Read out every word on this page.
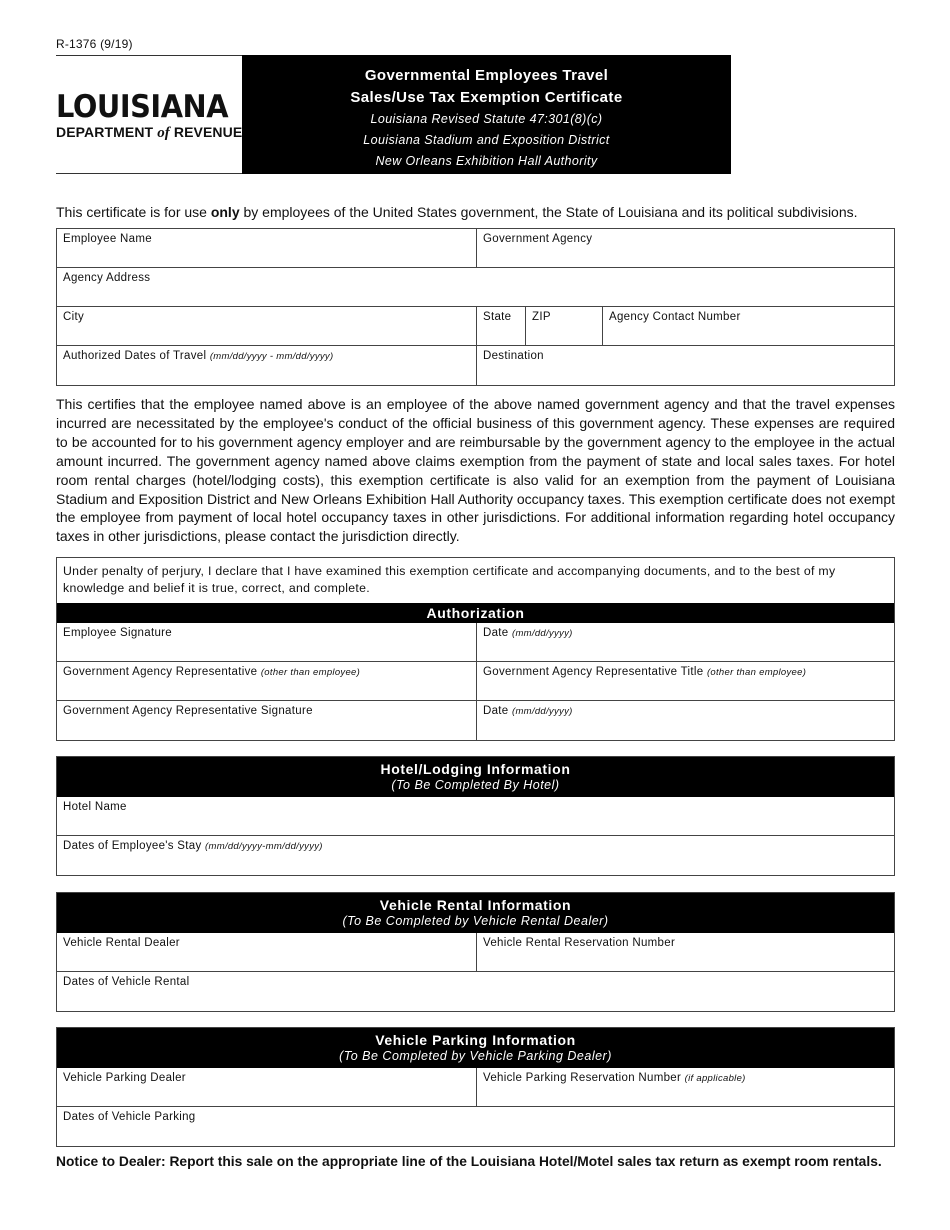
R-1376 (9/19)
LOUISIANA
DEPARTMENT of REVENUE
Governmental Employees Travel
Sales/Use Tax Exemption Certificate
Louisiana Revised Statute 47:301(8)(c)
Louisiana Stadium and Exposition District
New Orleans Exhibition Hall Authority
This certificate is for use only by employees of the United States government, the State of Louisiana and its political subdivisions.
Employee Name	Government Agency
Agency Address
City	State	ZIP	Agency Contact Number
Authorized Dates of Travel (mm/dd/yyyy - mm/dd/yyyy)	Destination
This certifies that the employee named above is an employee of the above named government agency and that the travel expenses incurred are necessitated by the employee's conduct of the official business of this government agency. These expenses are required to be accounted for to his government agency employer and are reimbursable by the government agency to the employee in the actual amount incurred. The government agency named above claims exemption from the payment of state and local sales taxes. For hotel room rental charges (hotel/lodging costs), this exemption certificate is also valid for an exemption from the payment of Louisiana Stadium and Exposition District and New Orleans Exhibition Hall Authority occupancy taxes. This exemption certificate does not exempt the employee from payment of local hotel occupancy taxes in other jurisdictions. For additional information regarding hotel occupancy taxes in other jurisdictions, please contact the jurisdiction directly.
Under penalty of perjury, I declare that I have examined this exemption certificate and accompanying documents, and to the best of my knowledge and belief it is true, correct, and complete.
Authorization
Employee Signature	Date (mm/dd/yyyy)
Government Agency Representative (other than employee)	Government Agency Representative Title (other than employee)
Government Agency Representative Signature	Date (mm/dd/yyyy)
Hotel/Lodging Information
(To Be Completed By Hotel)
Hotel Name
Dates of Employee's Stay (mm/dd/yyyy-mm/dd/yyyy)
Vehicle Rental Information
(To Be Completed by Vehicle Rental Dealer)
Vehicle Rental Dealer	Vehicle Rental Reservation Number
Dates of Vehicle Rental
Vehicle Parking Information
(To Be Completed by Vehicle Parking Dealer)
Vehicle Parking Dealer	Vehicle Parking Reservation Number (if applicable)
Dates of Vehicle Parking
Notice to Dealer: Report this sale on the appropriate line of the Louisiana Hotel/Motel sales tax return as exempt room rentals.
